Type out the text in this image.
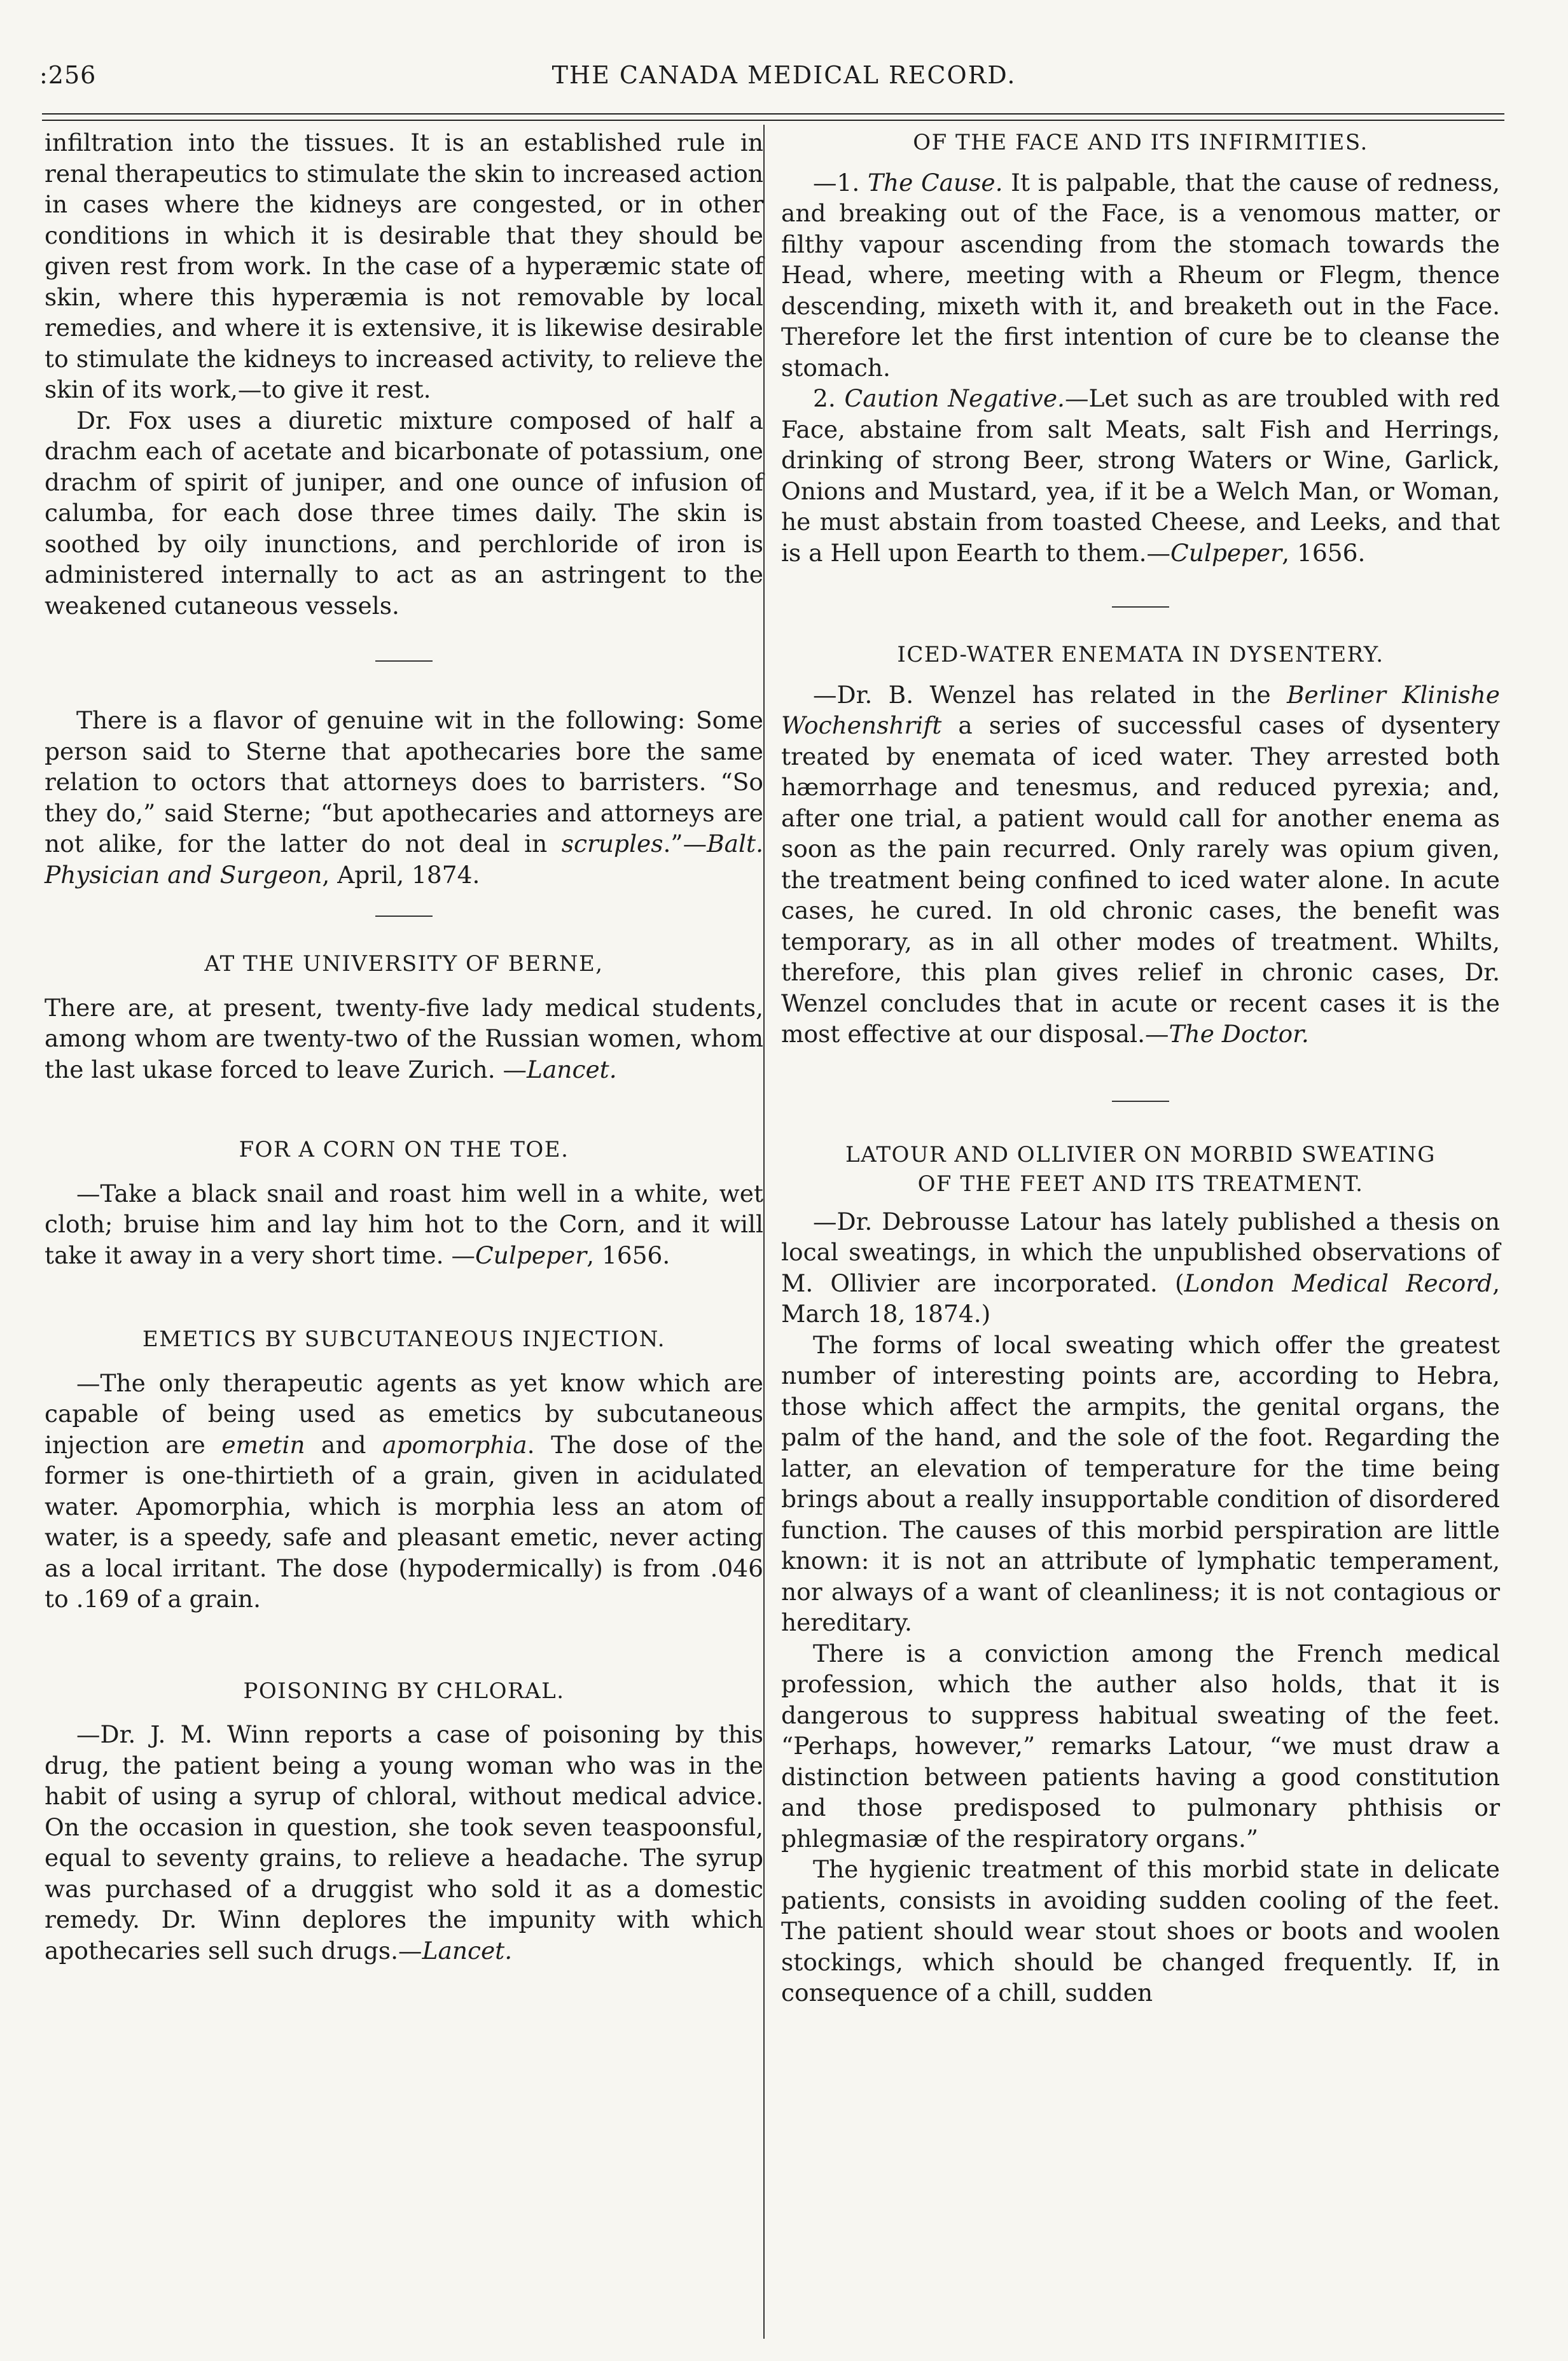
:256	THE CANADA MEDICAL RECORD.

infiltration into the tissues. It is an established rule in renal therapeutics to stimulate the skin to increased action in cases where the kidneys are congested, or in other conditions in which it is desirable that they should be given rest from work. In the case of a hyperæmic state of skin, where this hyperæmia is not removable by local remedies, and where it is extensive, it is likewise desirable to stimulate the kidneys to increased activity, to relieve the skin of its work,—to give it rest.

Dr. Fox uses a diuretic mixture composed of half a drachm each of acetate and bicarbonate of potassium, one drachm of spirit of juniper, and one ounce of infusion of calumba, for each dose three times daily. The skin is soothed by oily inunctions, and perchloride of iron is administered internally to act as an astringent to the weakened cutaneous vessels.

There is a flavor of genuine wit in the following: Some person said to Sterne that apothecaries bore the same relation to octors that attorneys does to barristers. “So they do,” said Sterne; “but apothecaries and attorneys are not alike, for the latter do not deal in scruples.”—Balt. Physician and Surgeon, April, 1874.

AT THE UNIVERSITY OF BERNE,

There are, at present, twenty-five lady medical students, among whom are twenty-two of the Russian women, whom the last ukase forced to leave Zurich. —Lancet.

FOR A CORN ON THE TOE.

—Take a black snail and roast him well in a white, wet cloth; bruise him and lay him hot to the Corn, and it will take it away in a very short time. —Culpeper, 1656.

EMETICS BY SUBCUTANEOUS INJECTION.

—The only therapeutic agents as yet know which are capable of being used as emetics by subcutaneous injection are emetin and apomorphia. The dose of the former is one-thirtieth of a grain, given in acidulated water. Apomorphia, which is morphia less an atom of water, is a speedy, safe and pleasant emetic, never acting as a local irritant. The dose (hypodermically) is from .046 to .169 of a grain.

POISONING BY CHLORAL.

—Dr. J. M. Winn reports a case of poisoning by this drug, the patient being a young woman who was in the habit of using a syrup of chloral, without medical advice. On the occasion in question, she took seven teaspoonsful, equal to seventy grains, to relieve a headache. The syrup was purchased of a druggist who sold it as a domestic remedy. Dr. Winn deplores the impunity with which apothecaries sell such drugs.—Lancet.

OF THE FACE AND ITS INFIRMITIES.

—1. The Cause. It is palpable, that the cause of redness, and breaking out of the Face, is a venomous matter, or filthy vapour ascending from the stomach towards the Head, where, meeting with a Rheum or Flegm, thence descending, mixeth with it, and breaketh out in the Face. Therefore let the first intention of cure be to cleanse the stomach.

2. Caution Negative.—Let such as are troubled with red Face, abstaine from salt Meats, salt Fish and Herrings, drinking of strong Beer, strong Waters or Wine, Garlick, Onions and Mustard, yea, if it be a Welch Man, or Woman, he must abstain from toasted Cheese, and Leeks, and that is a Hell upon Eearth to them.—Culpeper, 1656.

ICED-WATER ENEMATA IN DYSENTERY.

—Dr. B. Wenzel has related in the Berliner Klinishe Wochenshrift a series of successful cases of dysentery treated by enemata of iced water. They arrested both hæmorrhage and tenesmus, and reduced pyrexia; and, after one trial, a patient would call for another enema as soon as the pain recurred. Only rarely was opium given, the treatment being confined to iced water alone. In acute cases, he cured. In old chronic cases, the benefit was temporary, as in all other modes of treatment. Whilts, therefore, this plan gives relief in chronic cases, Dr. Wenzel concludes that in acute or recent cases it is the most effective at our disposal.—The Doctor.

LATOUR AND OLLIVIER ON MORBID SWEATING

OF THE FEET AND ITS TREATMENT.

—Dr. Debrousse Latour has lately published a thesis on local sweatings, in which the unpublished observations of M. Ollivier are incorporated. (London Medical Record, March 18, 1874.)

The forms of local sweating which offer the greatest number of interesting points are, according to Hebra, those which affect the armpits, the genital organs, the palm of the hand, and the sole of the foot. Regarding the latter, an elevation of temperature for the time being brings about a really insupportable condition of disordered function. The causes of this morbid perspiration are little known: it is not an attribute of lymphatic temperament, nor always of a want of cleanliness; it is not contagious or hereditary.

There is a conviction among the French medical profession, which the auther also holds, that it is dangerous to suppress habitual sweating of the feet. “Perhaps, however,” remarks Latour, “we must draw a distinction between patients having a good constitution and those predisposed to pulmonary phthisis or phlegmasiæ of the respiratory organs.”

The hygienic treatment of this morbid state in delicate patients, consists in avoiding sudden cooling of the feet. The patient should wear stout shoes or boots and woolen stockings, which should be changed frequently. If, in consequence of a chill, sudden
